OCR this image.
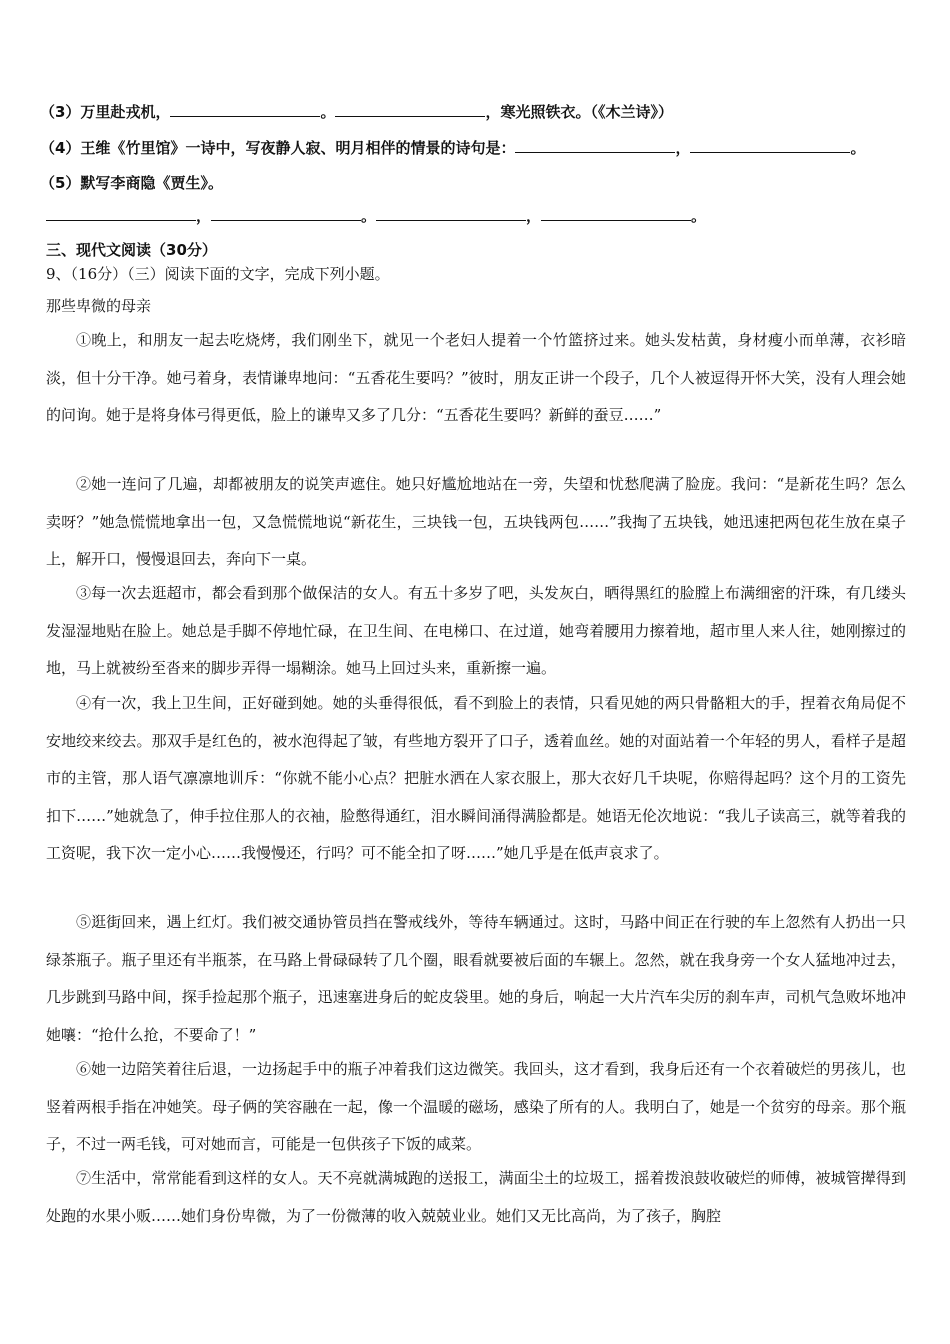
（3）万里赴戎机，	。	，寒光照铁衣。（《木兰诗》）
（4）王维《竹里馆》一诗中，写夜静人寂、明月相伴的情景的诗句是：	，	。
（5）默写李商隐《贾生》。
，	。	，	。
三、现代文阅读（30分）
9、（16分）（三）阅读下面的文字，完成下列小题。
那些卑微的母亲

①晚上，和朋友一起去吃烧烤，我们刚坐下，就见一个老妇人提着一个竹篮挤过来。她头发枯黄，身材瘦小而单薄，衣衫暗淡，但十分干净。她弓着身，表情谦卑地问：“五香花生要吗？”彼时，朋友正讲一个段子，几个人被逗得开怀大笑，没有人理会她的问询。她于是将身体弓得更低，脸上的谦卑又多了几分：“五香花生要吗？新鲜的蚕豆……”

②她一连问了几遍，却都被朋友的说笑声遮住。她只好尴尬地站在一旁，失望和忧愁爬满了脸庞。我问：“是新花生吗？怎么卖呀？”她急慌慌地拿出一包，又急慌慌地说“新花生，三块钱一包，五块钱两包……”我掏了五块钱，她迅速把两包花生放在桌子上，解开口，慢慢退回去，奔向下一桌。

③每一次去逛超市，都会看到那个做保洁的女人。有五十多岁了吧，头发灰白，晒得黑红的脸膛上布满细密的汗珠，有几缕头发湿湿地贴在脸上。她总是手脚不停地忙碌，在卫生间、在电梯口、在过道，她弯着腰用力擦着地，超市里人来人往，她刚擦过的地，马上就被纷至沓来的脚步弄得一塌糊涂。她马上回过头来，重新擦一遍。

④有一次，我上卫生间，正好碰到她。她的头垂得很低，看不到脸上的表情，只看见她的两只骨骼粗大的手，捏着衣角局促不安地绞来绞去。那双手是红色的，被水泡得起了皱，有些地方裂开了口子，透着血丝。她的对面站着一个年轻的男人，看样子是超市的主管，那人语气凛凛地训斥：“你就不能小心点？把脏水洒在人家衣服上，那大衣好几千块呢，你赔得起吗？这个月的工资先扣下……”她就急了，伸手拉住那人的衣袖，脸憋得通红，泪水瞬间涌得满脸都是。她语无伦次地说：“我儿子读高三，就等着我的工资呢，我下次一定小心……我慢慢还，行吗？可不能全扣了呀……”她几乎是在低声哀求了。

⑤逛街回来，遇上红灯。我们被交通协管员挡在警戒线外，等待车辆通过。这时，马路中间正在行驶的车上忽然有人扔出一只绿茶瓶子。瓶子里还有半瓶茶，在马路上骨碌碌转了几个圈，眼看就要被后面的车辗上。忽然，就在我身旁一个女人猛地冲过去，几步跳到马路中间，探手捡起那个瓶子，迅速塞进身后的蛇皮袋里。她的身后，响起一大片汽车尖厉的刹车声，司机气急败坏地冲她嚷：“抢什么抢，不要命了！”

⑥她一边陪笑着往后退，一边扬起手中的瓶子冲着我们这边微笑。我回头，这才看到，我身后还有一个衣着破烂的男孩儿，也竖着两根手指在冲她笑。母子俩的笑容融在一起，像一个温暖的磁场，感染了所有的人。我明白了，她是一个贫穷的母亲。那个瓶子，不过一两毛钱，可对她而言，可能是一包供孩子下饭的咸菜。

⑦生活中，常常能看到这样的女人。天不亮就满城跑的送报工，满面尘土的垃圾工，摇着拨浪鼓收破烂的师傅，被城管撵得到处跑的水果小贩……她们身份卑微，为了一份微薄的收入兢兢业业。她们又无比高尚，为了孩子，胸腔
